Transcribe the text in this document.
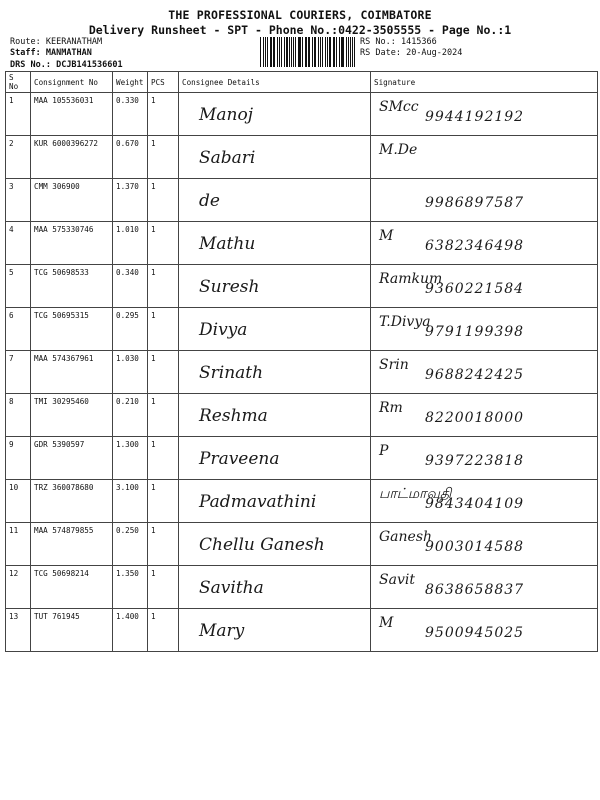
THE PROFESSIONAL COURIERS, COIMBATORE
Delivery Runsheet - SPT - Phone No.:0422-3505555 - Page No.:1
Route: KEERANATHAM
Staff: MANMATHAN
DRS No.: DCJB141536601
RS No.: 1415366
RS Date: 20-Aug-2024
S No	Consignment No	Weight	PCS	Consignee Details	Signature
1	MAA 105536031	0.330	1	Manoj	SMcc
9944192192

2	KUR 6000396272	0.670	1	Sabari	M.De

3	CMM 306900	1.370	1	de	9986897587

4	MAA 575330746	1.010	1	Mathu	M
6382346498

5	TCG 50698533	0.340	1	Suresh	Ramkum
9360221584

6	TCG 50695315	0.295	1	Divya	T.Divya
9791199398

7	MAA 574367961	1.030	1	Srinath	Srin
9688242425

8	TMI 30295460	0.210	1	Reshma	Rm
8220018000

9	GDR 5390597	1.300	1	Praveena	P
9397223818

10	TRZ 360078680	3.100	1	Padmavathini	பாட்மாவதி
9843404109

11	MAA 574879855	0.250	1	Chellu Ganesh	Ganesh
9003014588

12	TCG 50698214	1.350	1	Savitha	Savit
8638658837

13	TUT 761945	1.400	1	Mary	M
9500945025
